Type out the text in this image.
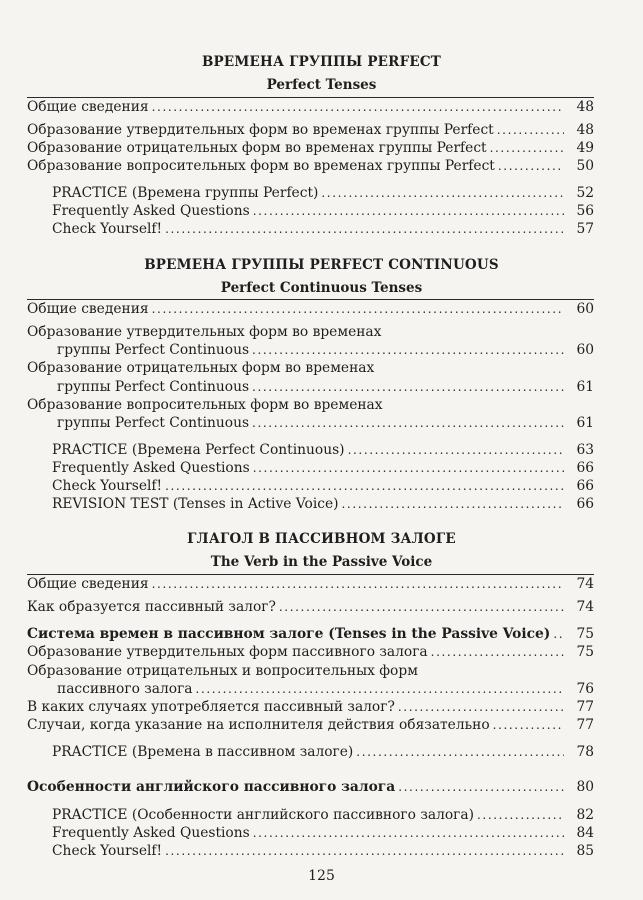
ВРЕМЕНА ГРУППЫ PERFECT
Perfect Tenses
Общие сведения .....	48
Образование утвердительных форм во временах группы Perfect .....	48
Образование отрицательных форм во временах группы Perfect .....	49
Образование вопросительных форм во временах группы Perfect .....	50
PRACTICE (Времена группы Perfect) .....	52
Frequently Asked Questions .....	56
Check Yourself! .....	57
ВРЕМЕНА ГРУППЫ PERFECT CONTINUOUS
Perfect Continuous Tenses
Общие сведения .....	60
Образование утвердительных форм во временах
группы Perfect Continuous .....	60
Образование отрицательных форм во временах
группы Perfect Continuous .....	61
Образование вопросительных форм во временах
группы Perfect Continuous .....	61
PRACTICE (Времена Perfect Continuous) .....	63
Frequently Asked Questions .....	66
Check Yourself! .....	66
REVISION TEST (Tenses in Active Voice) .....	66
ГЛАГОЛ В ПАССИВНОМ ЗАЛОГЕ
The Verb in the Passive Voice
Общие сведения .....	74
Как образуется пассивный залог? .....	74
Система времен в пассивном залоге (Tenses in the Passive Voice) .....	75
Образование утвердительных форм пассивного залога .....	75
Образование отрицательных и вопросительных форм
пассивного залога .....	76
В каких случаях употребляется пассивный залог? .....	77
Случаи, когда указание на исполнителя действия обязательно .....	77
PRACTICE (Времена в пассивном залоге) .....	78
Особенности английского пассивного залога .....	80
PRACTICE (Особенности английского пассивного залога) .....	82
Frequently Asked Questions .....	84
Check Yourself! .....	85
125
